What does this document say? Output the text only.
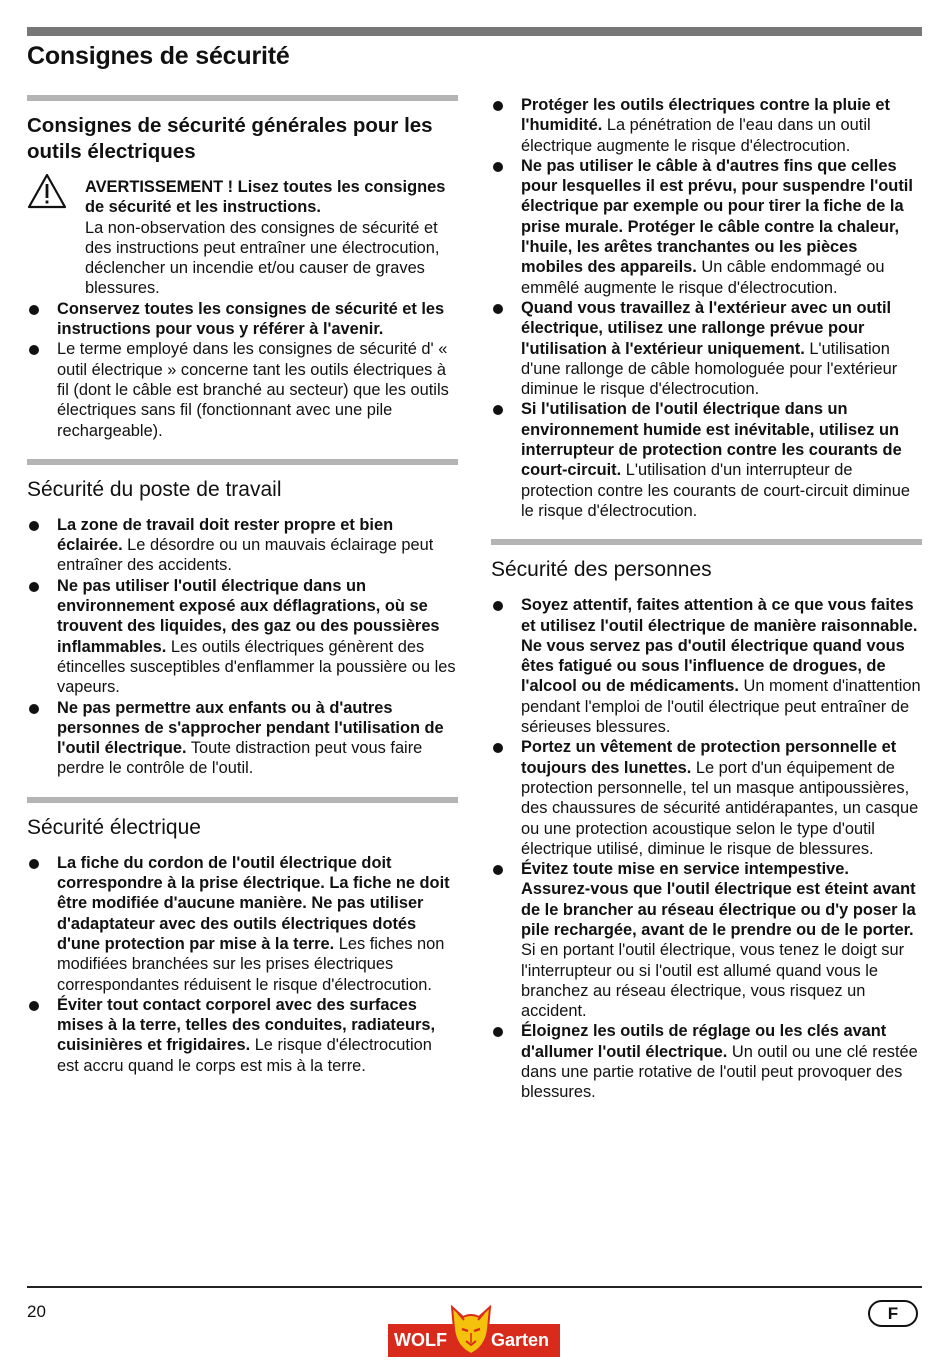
Consignes de sécurité
Consignes de sécurité générales pour les outils électriques

AVERTISSEMENT ! Lisez toutes les consignes de sécurité et les instructions.

La non-observation des consignes de sécurité et des instructions peut entraîner une électrocution, déclencher un incendie et/ou causer de graves blessures.

Conservez toutes les consignes de sécurité et les instructions pour vous y référer à l'avenir.
Le terme employé dans les consignes de sécurité d' « outil électrique » concerne tant les outils électriques à fil (dont le câble est branché au secteur) que les outils électriques sans fil (fonctionnant avec une pile rechargeable).
Sécurité du poste de travail
La zone de travail doit rester propre et bien éclairée. Le désordre ou un mauvais éclairage peut entraîner des accidents.
Ne pas utiliser l'outil électrique dans un environnement exposé aux déflagrations, où se trouvent des liquides, des gaz ou des poussières inflammables. Les outils électriques génèrent des étincelles susceptibles d'enflammer la poussière ou les vapeurs.
Ne pas permettre aux enfants ou à d'autres personnes de s'approcher pendant l'utilisation de l'outil électrique. Toute distraction peut vous faire perdre le contrôle de l'outil.
Sécurité électrique
La fiche du cordon de l'outil électrique doit correspondre à la prise électrique. La fiche ne doit être modifiée d'aucune manière. Ne pas utiliser d'adaptateur avec des outils électriques dotés d'une protection par mise à la terre. Les fiches non modifiées branchées sur les prises électriques correspondantes réduisent le risque d'électrocution.
Éviter tout contact corporel avec des surfaces mises à la terre, telles des conduites, radiateurs, cuisinières et frigidaires. Le risque d'électrocution est accru quand le corps est mis à la terre.
Protéger les outils électriques contre la pluie et l'humidité. La pénétration de l'eau dans un outil électrique augmente le risque d'électrocution.
Ne pas utiliser le câble à d'autres fins que celles pour lesquelles il est prévu, pour suspendre l'outil électrique par exemple ou pour tirer la fiche de la prise murale. Protéger le câble contre la chaleur, l'huile, les arêtes tranchantes ou les pièces mobiles des appareils. Un câble endommagé ou emmêlé augmente le risque d'électrocution.
Quand vous travaillez à l'extérieur avec un outil électrique, utilisez une rallonge prévue pour l'utilisation à l'extérieur uniquement. L'utilisation d'une rallonge de câble homologuée pour l'extérieur diminue le risque d'électrocution.
Si l'utilisation de l'outil électrique dans un environnement humide est inévitable, utilisez un interrupteur de protection contre les courants de court-circuit. L'utilisation d'un interrupteur de protection contre les courants de court-circuit diminue le risque d'électrocution.
Sécurité des personnes
Soyez attentif, faites attention à ce que vous faites et utilisez l'outil électrique de manière raisonnable. Ne vous servez pas d'outil électrique quand vous êtes fatigué ou sous l'influence de drogues, de l'alcool ou de médicaments. Un moment d'inattention pendant l'emploi de l'outil électrique peut entraîner de sérieuses blessures.
Portez un vêtement de protection personnelle et toujours des lunettes. Le port d'un équipement de protection personnelle, tel un masque antipoussières, des chaussures de sécurité antidérapantes, un casque ou une protection acoustique selon le type d'outil électrique utilisé, diminue le risque de blessures.
Évitez toute mise en service intempestive. Assurez-vous que l'outil électrique est éteint avant de le brancher au réseau électrique ou d'y poser la pile rechargée, avant de le prendre ou de le porter. Si en portant l'outil électrique, vous tenez le doigt sur l'interrupteur ou si l'outil est allumé quand vous le branchez au réseau électrique, vous risquez un accident.
Éloignez les outils de réglage ou les clés avant d'allumer l'outil électrique. Un outil ou une clé restée dans une partie rotative de l'outil peut provoquer des blessures.
20
WOLF Garten
F
